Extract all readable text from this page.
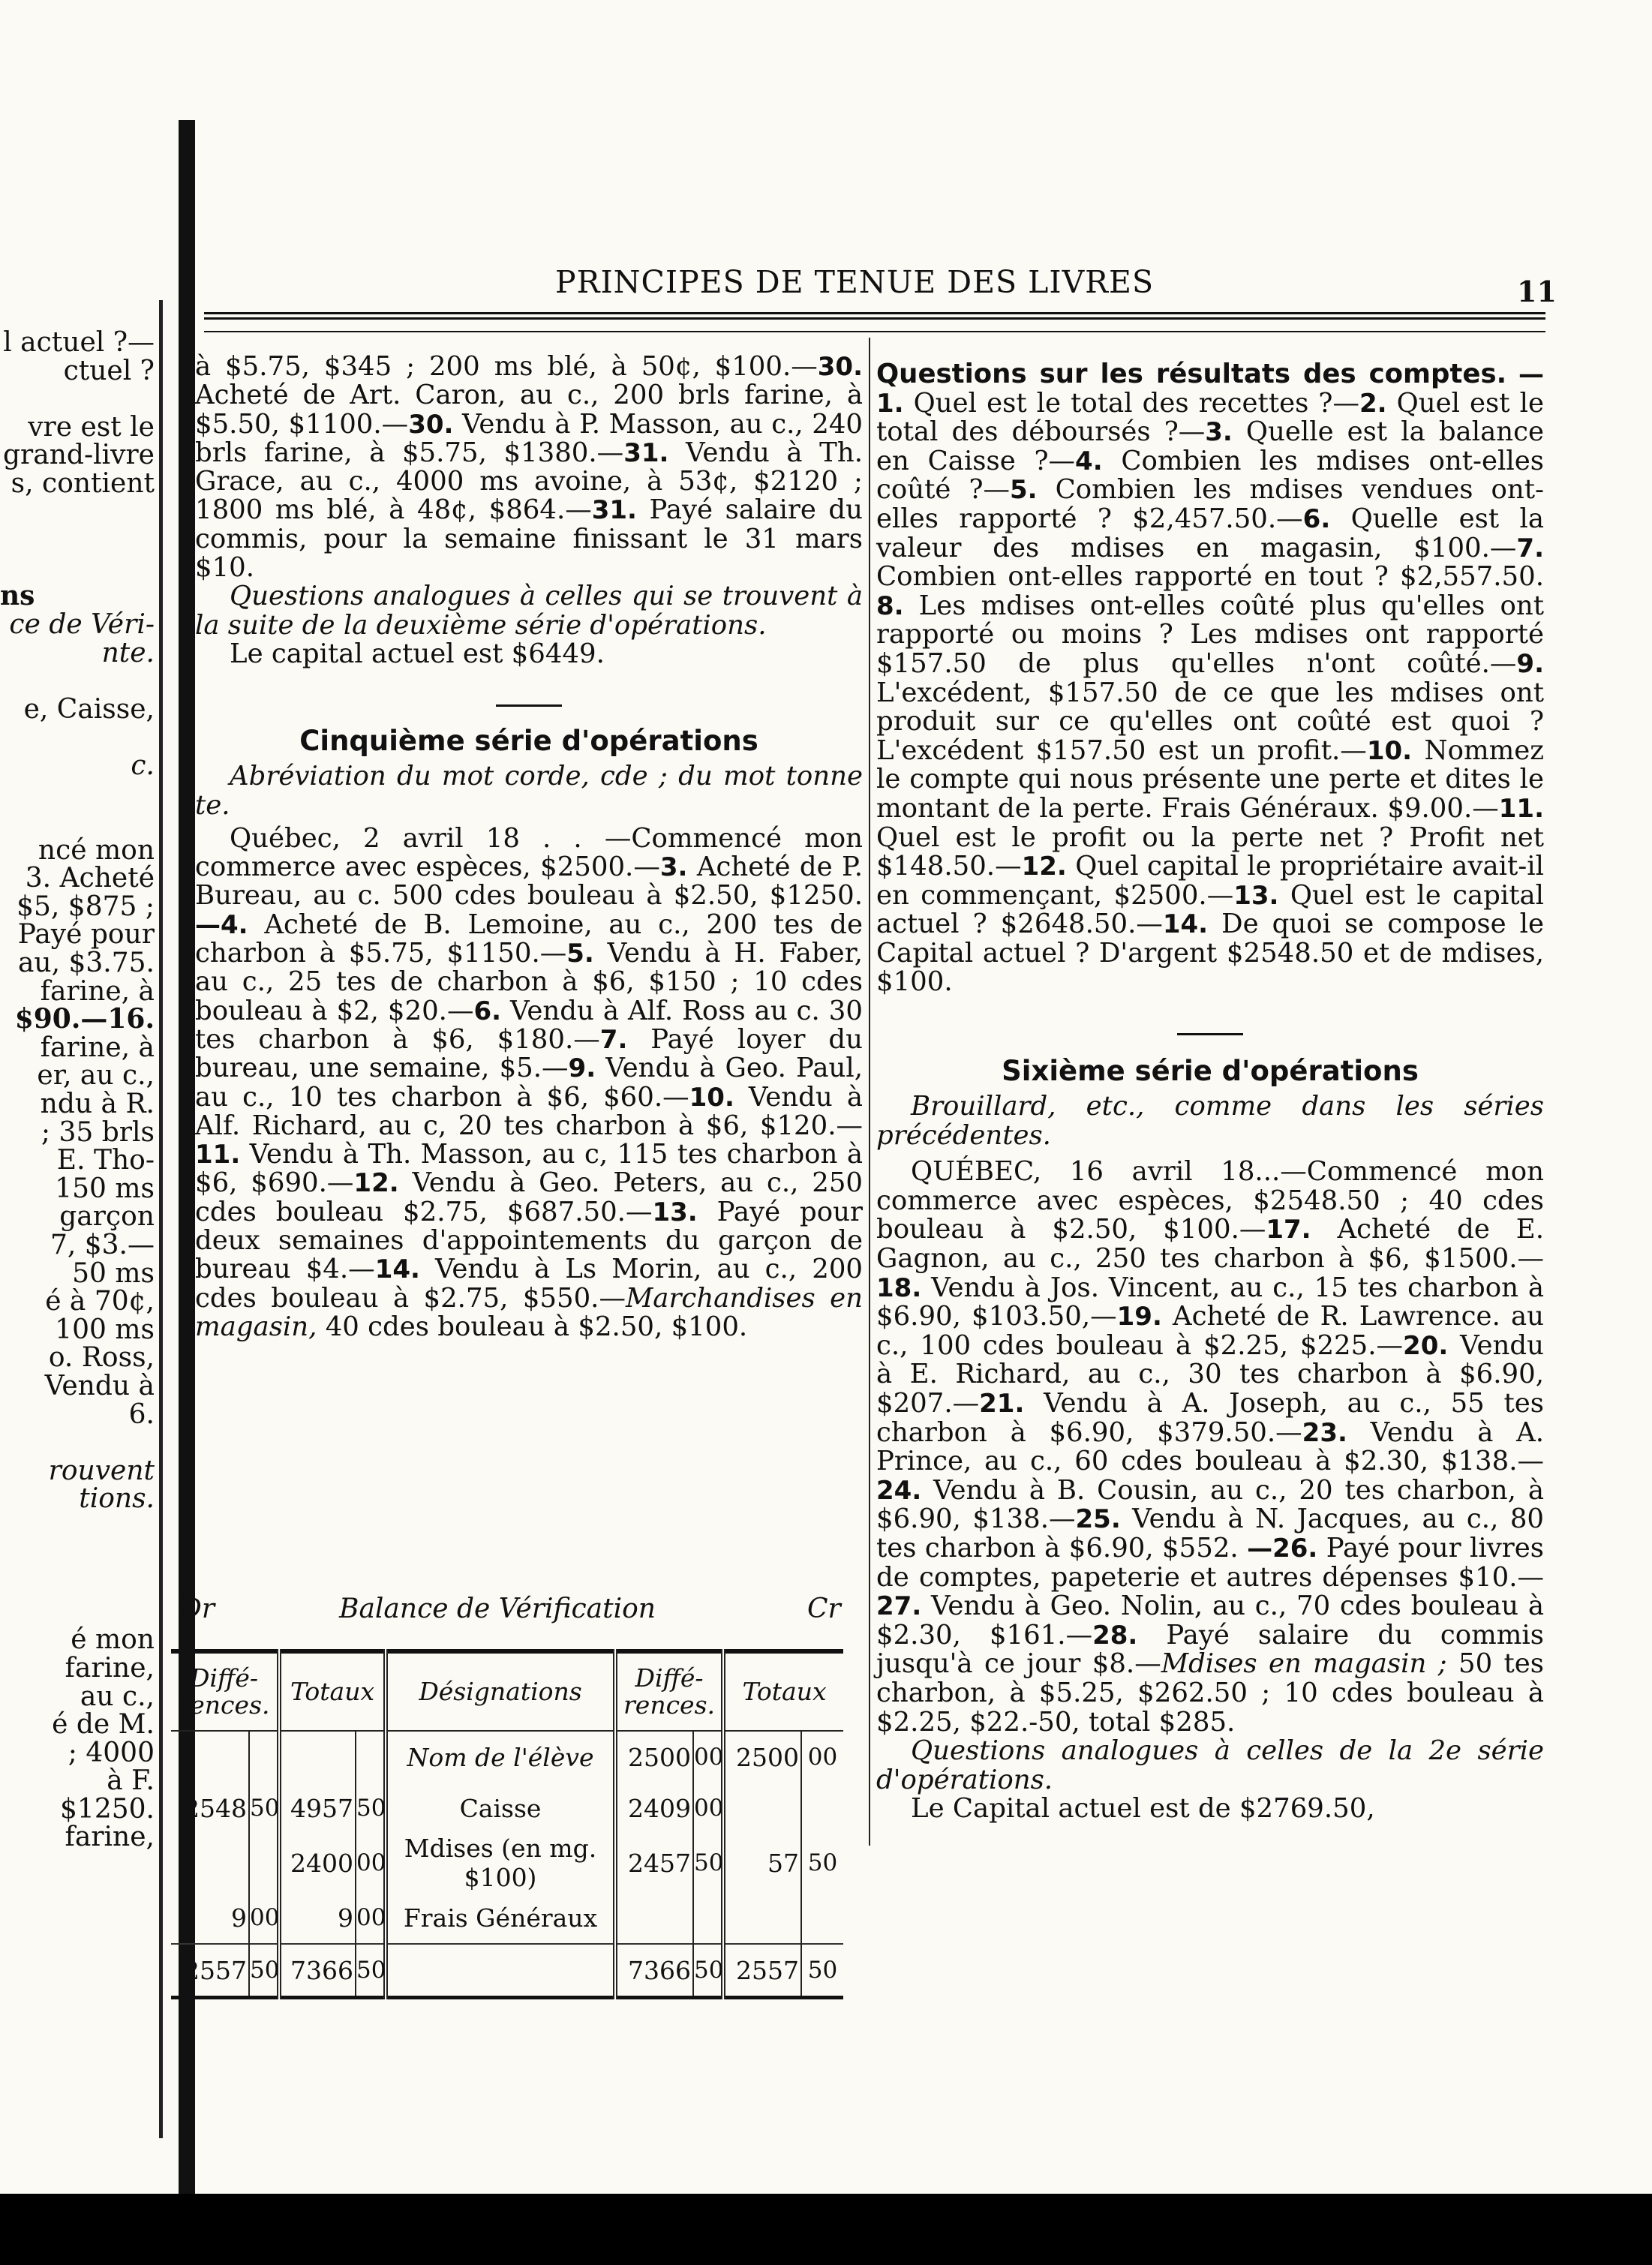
l actuel ?—
ctuel ?
vre est le
grand-livre
s, contient
ns
ce de Véri-
nte.
e, Caisse,
c.
ncé mon
3. Acheté
$5, $875 ;
Payé pour
au, $3.75.
farine, à
$90.—16.
farine, à
er, au c.,
ndu à R.
; 35 brls
E. Tho-
150 ms
garçon
7, $3.—
50 ms
é à 70¢,
100 ms
o. Ross,
Vendu à
6.
rouvent
tions.
é mon
farine,
au c.,
é de M.
; 4000
à F.
$1250.
farine,
PRINCIPES DE TENUE DES LIVRES	11

à $5.75, $345 ; 200 ms blé, à 50¢, $100.—30. Acheté de Art. Caron, au c., 200 brls farine, à $5.50, $1100.—30. Vendu à P. Masson, au c., 240 brls farine, à $5.75, $1380.—31. Vendu à Th. Grace, au c., 4000 ms avoine, à 53¢, $2120 ; 1800 ms blé, à 48¢, $864.—31. Payé salaire du commis, pour la semaine finissant le 31 mars $10.

Questions analogues à celles qui se trouvent à la suite de la deuxième série d'opérations.

Le capital actuel est $6449.

Cinquième série d'opérations

Abréviation du mot corde, cde ; du mot tonne te.

Québec, 2 avril 18 . . —Commencé mon commerce avec espèces, $2500.—3. Acheté de P. Bureau, au c. 500 cdes bouleau à $2.50, $1250. —4. Acheté de B. Lemoine, au c., 200 tes de charbon à $5.75, $1150.—5. Vendu à H. Faber, au c., 25 tes de charbon à $6, $150 ; 10 cdes bouleau à $2, $20.—6. Vendu à Alf. Ross au c. 30 tes charbon à $6, $180.—7. Payé loyer du bureau, une semaine, $5.—9. Vendu à Geo. Paul, au c., 10 tes charbon à $6, $60.—10. Vendu à Alf. Richard, au c, 20 tes charbon à $6, $120.—11. Vendu à Th. Masson, au c, 115 tes charbon à $6, $690.—12. Vendu à Geo. Peters, au c., 250 cdes bouleau $2.75, $687.50.—13. Payé pour deux semaines d'appointements du garçon de bureau $4.—14. Vendu à Ls Morin, au c., 200 cdes bouleau à $2.75, $550.—Marchandises en magasin, 40 cdes bouleau à $2.50, $100.

Dr	Balance de Vérification	Cr
Diffé-rences.		Totaux		Désignations	Diffé-rences.		Totaux	
				Nom de l'élève	2500	00	2500	00
2548	50	4957	50	Caisse	2409	00		
		2400	00	Mdises (en mg. $100)	2457	50	57	50
9	00	9	00	Frais Généraux				
2557	50	7366	50		7366	50	2557	50

Questions sur les résultats des comptes. —1. Quel est le total des recettes ?—2. Quel est le total des déboursés ?—3. Quelle est la balance en Caisse ?—4. Combien les mdises ont-elles coûté ?—5. Combien les mdises vendues ont-elles rapporté ? $2,457.50.—6. Quelle est la valeur des mdises en magasin, $100.—7. Combien ont-elles rapporté en tout ? $2,557.50. 8. Les mdises ont-elles coûté plus qu'elles ont rapporté ou moins ? Les mdises ont rapporté $157.50 de plus qu'elles n'ont coûté.—9. L'excédent, $157.50 de ce que les mdises ont produit sur ce qu'elles ont coûté est quoi ? L'excédent $157.50 est un profit.—10. Nommez le compte qui nous présente une perte et dites le montant de la perte. Frais Généraux. $9.00.—11. Quel est le profit ou la perte net ? Profit net $148.50.—12. Quel capital le propriétaire avait-il en commençant, $2500.—13. Quel est le capital actuel ? $2648.50.—14. De quoi se compose le Capital actuel ? D'argent $2548.50 et de mdises, $100.

Sixième série d'opérations

Brouillard, etc., comme dans les séries précédentes.

QUÉBEC, 16 avril 18...—Commencé mon commerce avec espèces, $2548.50 ; 40 cdes bouleau à $2.50, $100.—17. Acheté de E. Gagnon, au c., 250 tes charbon à $6, $1500.—18. Vendu à Jos. Vincent, au c., 15 tes charbon à $6.90, $103.50,—19. Acheté de R. Lawrence. au c., 100 cdes bouleau à $2.25, $225.—20. Vendu à E. Richard, au c., 30 tes charbon à $6.90, $207.—21. Vendu à A. Joseph, au c., 55 tes charbon à $6.90, $379.50.—23. Vendu à A. Prince, au c., 60 cdes bouleau à $2.30, $138.—24. Vendu à B. Cousin, au c., 20 tes charbon, à $6.90, $138.—25. Vendu à N. Jacques, au c., 80 tes charbon à $6.90, $552. —26. Payé pour livres de comptes, papeterie et autres dépenses $10.—27. Vendu à Geo. Nolin, au c., 70 cdes bouleau à $2.30, $161.—28. Payé salaire du commis jusqu'à ce jour $8.—Mdises en magasin ; 50 tes charbon, à $5.25, $262.50 ; 10 cdes bouleau à $2.25, $22.-50, total $285.

Questions analogues à celles de la 2e série d'opérations.

Le Capital actuel est de $2769.50,
